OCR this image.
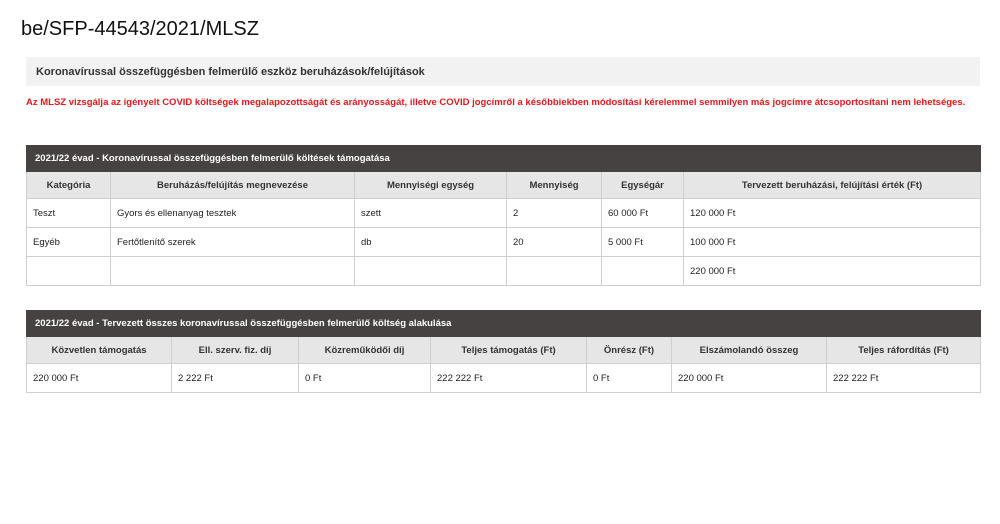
be/SFP-44543/2021/MLSZ
Koronavírussal összefüggésben felmerülő eszköz beruházások/felújítások
Az MLSZ vizsgálja az igényelt COVID költségek megalapozottságát és arányosságát, illetve COVID jogcímről a későbbiekben módosítási kérelemmel semmilyen más jogcímre átcsoportosítani nem lehetséges.
2021/22 évad - Koronavírussal összefüggésben felmerülő költések támogatása					
Kategória	Beruházás/felújítás megnevezése	Mennyiségi egység	Mennyiség	Egységár	Tervezett beruházási, felújítási érték (Ft)
Teszt	Gyors és ellenanyag tesztek	szett	2	60 000 Ft	120 000 Ft
Egyéb	Fertőtlenítő szerek	db	20	5 000 Ft	100 000 Ft
					220 000 Ft
2021/22 évad - Tervezett összes koronavírussal összefüggésben felmerülő költség alakulása						
Közvetlen támogatás	Ell. szerv. fiz. díj	Közreműködői díj	Teljes támogatás (Ft)	Önrész (Ft)	Elszámolandó összeg	Teljes ráfordítás (Ft)
220 000 Ft	2 222 Ft	0 Ft	222 222 Ft	0 Ft	220 000 Ft	222 222 Ft
